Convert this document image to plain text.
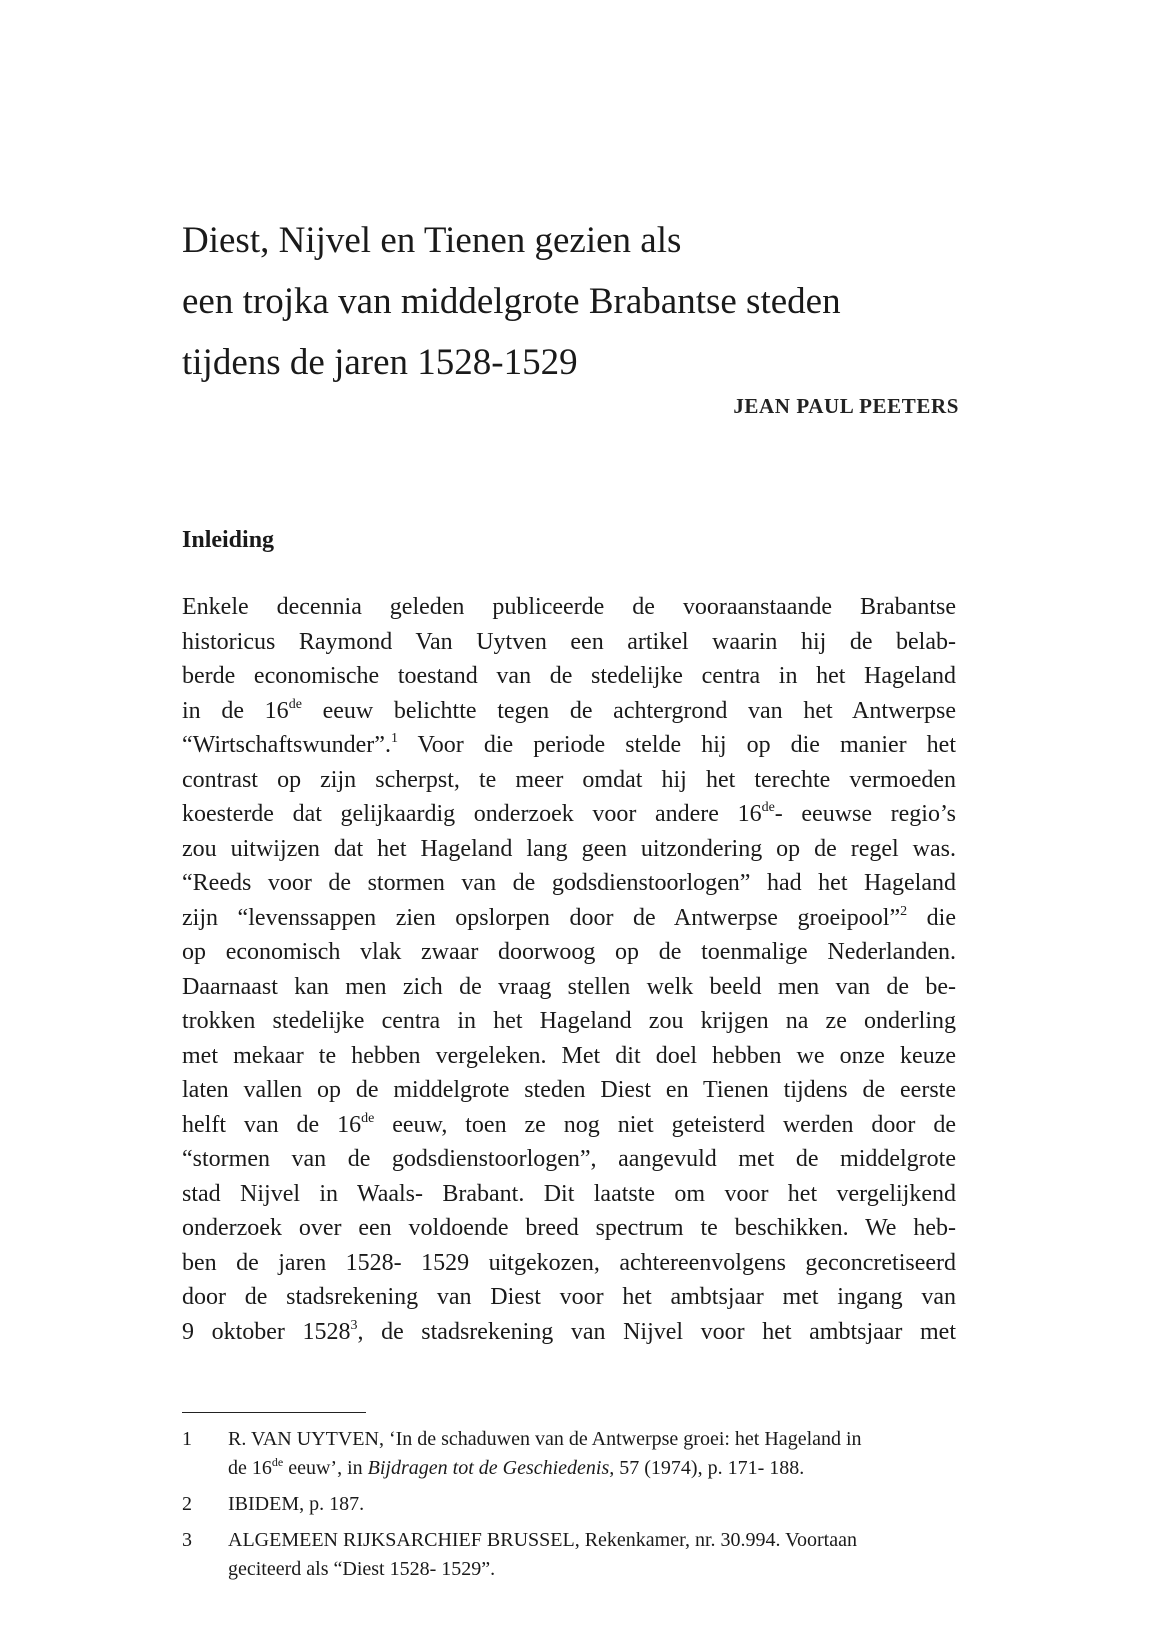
Diest, Nijvel en Tienen gezien als
een trojka van middelgrote Brabantse steden
tijdens de jaren 1528-1529
JEAN PAUL PEETERS
Inleiding
Enkele decennia geleden publiceerde de vooraanstaande Brabantse
historicus Raymond Van Uytven een artikel waarin hij de belab-
berde economische toestand van de stedelijke centra in het Hageland
in de 16de eeuw belichtte tegen de achtergrond van het Antwerpse
“Wirtschaftswunder”.$^1$ Voor die periode stelde hij op die manier het
contrast op zijn scherpst, te meer omdat hij het terechte vermoeden
koesterde dat gelijkaardig onderzoek voor andere 16de- eeuwse regio’s
zou uitwijzen dat het Hageland lang geen uitzondering op de regel was.
“Reeds voor de stormen van de godsdienstoorlogen” had het Hageland
zijn “levenssappen zien opslorpen door de Antwerpse groeipool”$^2$ die
op economisch vlak zwaar doorwoog op de toenmalige Nederlanden.
Daarnaast kan men zich de vraag stellen welk beeld men van de be-
trokken stedelijke centra in het Hageland zou krijgen na ze onderling
met mekaar te hebben vergeleken. Met dit doel hebben we onze keuze
laten vallen op de middelgrote steden Diest en Tienen tijdens de eerste
helft van de 16de eeuw, toen ze nog niet geteisterd werden door de
“stormen van de godsdienstoorlogen”, aangevuld met de middelgrote
stad Nijvel in Waals- Brabant. Dit laatste om voor het vergelijkend
onderzoek over een voldoende breed spectrum te beschikken. We heb-
ben de jaren 1528- 1529 uitgekozen, achtereenvolgens geconcretiseerd
door de stadsrekening van Diest voor het ambtsjaar met ingang van
9 oktober 1528$^3$, de stadsrekening van Nijvel voor het ambtsjaar met
1 R. VAN UYTVEN, ‘In de schaduwen van de Antwerpse groei: het Hageland in
de 16de eeuw’, in Bijdragen tot de Geschiedenis, 57 (1974), p. 171- 188.
2 IBIDEM, p. 187.
3 ALGEMEEN RIJKSARCHIEF BRUSSEL, Rekenkamer, nr. 30.994. Voortaan
geciteerd als “Diest 1528- 1529”.
